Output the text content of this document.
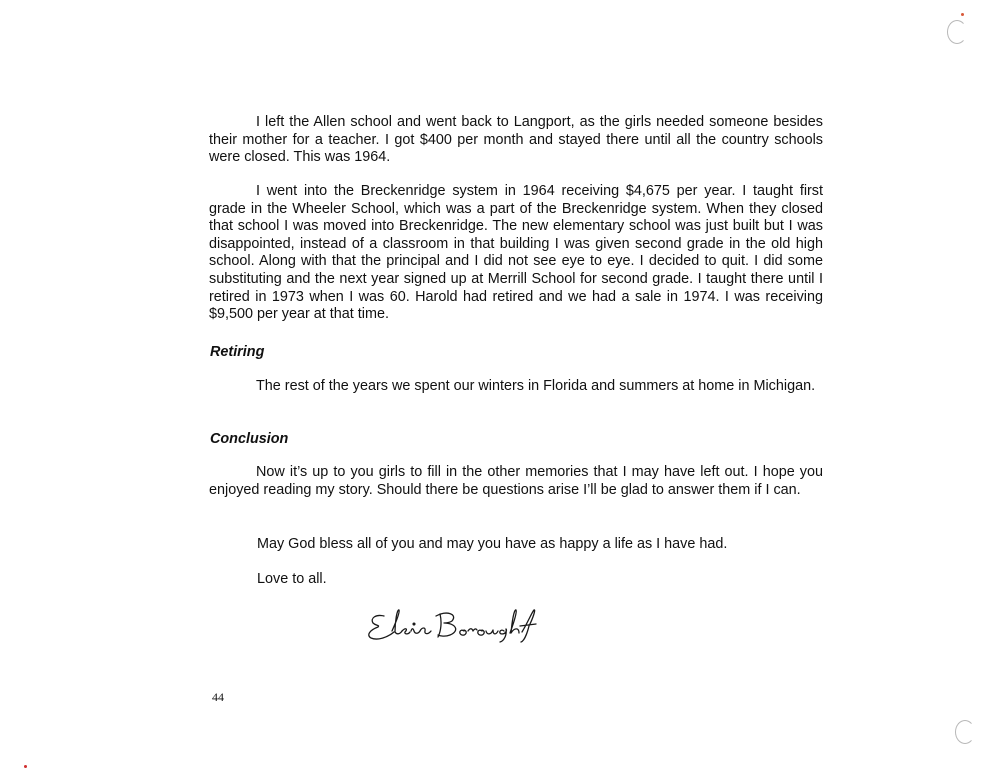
I left the Allen school and went back to Langport, as the girls needed someone besides their mother for a teacher. I got $400 per month and stayed there until all the country schools were closed. This was 1964.

I went into the Breckenridge system in 1964 receiving $4,675 per year. I taught first grade in the Wheeler School, which was a part of the Breckenridge system. When they closed that school I was moved into Breckenridge. The new elementary school was just built but I was disappointed, instead of a classroom in that building I was given second grade in the old high school. Along with that the principal and I did not see eye to eye. I decided to quit. I did some substituting and the next year signed up at Merrill School for second grade. I taught there until I retired in 1973 when I was 60. Harold had retired and we had a sale in 1974. I was receiving $9,500 per year at that time.

Retiring

The rest of the years we spent our winters in Florida and summers at home in Michigan.

Conclusion

Now it’s up to you girls to fill in the other memories that I may have left out. I hope you enjoyed reading my story. Should there be questions arise I’ll be glad to answer them if I can.

May God bless all of you and may you have as happy a life as I have had.
Love to all.
44
